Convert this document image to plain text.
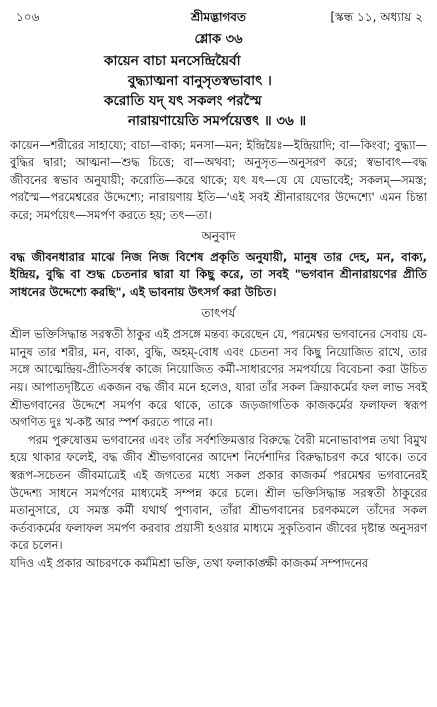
১০৬	শ্রীমদ্ভাগবত	[স্কন্ধ ১১, অধ্যায় ২
শ্লোক ৩৬
কায়েন বাচা মনসেন্দ্রিয়ৈর্বা
বুদ্ধ্যাত্মনা বানুসৃতস্বভাবাৎ ।
করোতি যদ্‌ যৎ সকলং পরস্মৈ
নারায়ণায়েতি সমর্পয়েত্তৎ ॥ ৩৬ ॥
কায়েন—শরীরের সাহায্যে; বাচা—বাক্য; মনসা—মন; ইন্দ্রিয়ৈঃ—ইন্দ্রিয়াদি; বা—কিংবা; বুদ্ধ্যা—বুদ্ধির দ্বারা; আত্মনা—শুদ্ধ চিত্তে; বা—অথবা; অনুসৃত—অনুসরণ করে; স্বভাবাৎ—বদ্ধ জীবনের স্বভাব অনুযায়ী; করোতি—করে থাকে; যৎ যৎ—যে যে যেভাবেই; সকলম্—সমস্ত; পরস্মৈ—পরমেশ্বরের উদ্দেশ্যে; নারায়ণায় ইতি—'এই সবই শ্রীনারায়ণের উদ্দেশ্যে' এমন চিন্তা করে; সমর্পয়েৎ—সমর্পণ করতে হয়; তৎ—তা।
অনুবাদ
বদ্ধ জীবনধারার মাঝে নিজ নিজ বিশেষ প্রকৃতি অনুযায়ী, মানুষ তার দেহ, মন, বাক্য, ইন্দ্রিয়, বুদ্ধি বা শুদ্ধ চেতনার দ্বারা যা কিছু করে, তা সবই "ভগবান শ্রীনারায়ণের প্রীতি সাধনের উদ্দেশ্যে করছি", এই ভাবনায় উৎসর্গ করা উচিত।
তাৎপর্য

শ্রীল ভক্তিসিদ্ধান্ত সরস্বতী ঠাকুর এই প্রসঙ্গে মন্তব্য করেছেন যে, পরমেশ্বর ভগবানের সেবায় যে-মানুষ তার শরীর, মন, বাক্য, বুদ্ধি, অহম্‌-বোধ এবং চেতনা সব কিছু নিয়োজিত রাখে, তার সঙ্গে আত্মেন্দ্রিয়-প্রীতিসর্বস্ব কাজে নিয়োজিত কর্মী-সাধারণের সমপর্যায়ে বিবেচনা করা উচিত নয়। আপাতদৃষ্টিতে একজন বদ্ধ জীব মনে হলেও, যারা তাঁর সকল ক্রিয়াকর্মের ফল লাভ সবই শ্রীভগবানের উদ্দেশে সমর্পণ করে থাকে, তাকে জড়জাগতিক কাজকর্মের ফলাফল স্বরূপ অগণিত দুঃ খ-কষ্ট আর স্পর্শ করতে পারে না।

পরম পুরুষোত্তম ভগবানের এবং তাঁর সর্বশক্তিমত্তার বিরুদ্ধে বৈরী মনোভাবাপন্ন তথা বিমুখ হয়ে থাকার ফলেই, বদ্ধ জীব শ্রীভগবানের আদেশ নির্দেশাদির বিরুদ্ধাচরণ করে থাকে। তবে স্বরূপ-সচেতন জীবমাত্রেই এই জগতের মধ্যে সকল প্রকার কাজকর্ম পরমেশ্বর ভগবানেরই উদ্দেশ্য সাধনে সমর্পণের মাধ্যমেই সম্পন্ন করে চলে। শ্রীল ভক্তিসিদ্ধান্ত সরস্বতী ঠাকুরের মতানুসারে, যে সমস্ত কর্মী যথার্থ পুণ্যবান, তাঁরা শ্রীভগবানের চরণকমলে তাঁদের সকল কর্তব্যকর্মের ফলাফল সমর্পণ করবার প্রয়াসী হওয়ার মাধ্যমে সুকৃতিবান জীবের দৃষ্টান্ত অনুসরণ করে চলেন।

যদিও এই প্রকার আচরণকে কর্মমিশ্রা ভক্তি, তথা ফলাকাঙ্ক্ষী কাজকর্ম সম্পাদনের
